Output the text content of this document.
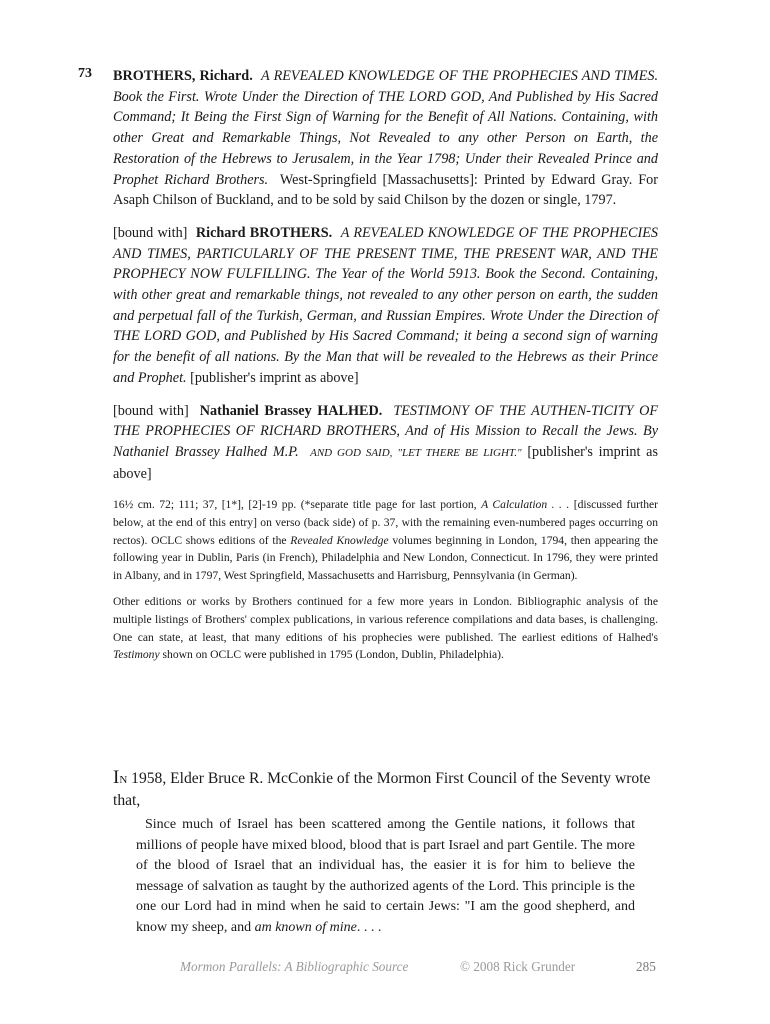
73 BROTHERS, Richard. A REVEALED KNOWLEDGE OF THE PROPHECIES AND TIMES. Book the First. Wrote Under the Direction of THE LORD GOD, And Published by His Sacred Command; It Being the First Sign of Warning for the Benefit of All Nations. Containing, with other Great and Remarkable Things, Not Revealed to any other Person on Earth, the Restoration of the Hebrews to Jerusalem, in the Year 1798; Under their Revealed Prince and Prophet Richard Brothers. West-Springfield [Massachusetts]: Printed by Edward Gray. For Asaph Chilson of Buckland, and to be sold by said Chilson by the dozen or single, 1797.

[bound with] Richard BROTHERS. A REVEALED KNOWLEDGE OF THE PROPHECIES AND TIMES, PARTICULARLY OF THE PRESENT TIME, THE PRESENT WAR, AND THE PROPHECY NOW FULFILLING. The Year of the World 5913. Book the Second. Containing, with other great and remarkable things, not revealed to any other person on earth, the sudden and perpetual fall of the Turkish, German, and Russian Empires. Wrote Under the Direction of THE LORD GOD, and Published by His Sacred Command; it being a second sign of warning for the benefit of all nations. By the Man that will be revealed to the Hebrews as their Prince and Prophet. [publisher's imprint as above]

[bound with] Nathaniel Brassey HALHED. TESTIMONY OF THE AUTHEN-TICITY OF THE PROPHECIES OF RICHARD BROTHERS, And of His Mission to Recall the Jews. By Nathaniel Brassey Halhed M.P. AND GOD SAID, "LET THERE BE LIGHT." [publisher's imprint as above]

16½ cm. 72; 111; 37, [1*], [2]-19 pp. (*separate title page for last portion, A Calculation . . . [discussed further below, at the end of this entry] on verso (back side) of p. 37, with the remaining even-numbered pages occurring on rectos). OCLC shows editions of the Revealed Knowledge volumes beginning in London, 1794, then appearing the following year in Dublin, Paris (in French), Philadelphia and New London, Connecticut. In 1796, they were printed in Albany, and in 1797, West Springfield, Massachusetts and Harrisburg, Pennsylvania (in German).

Other editions or works by Brothers continued for a few more years in London. Bibliographic analysis of the multiple listings of Brothers' complex publications, in various reference compilations and data bases, is challenging. One can state, at least, that many editions of his prophecies were published. The earliest editions of Halhed's Testimony shown on OCLC were published in 1795 (London, Dublin, Philadelphia).

In 1958, Elder Bruce R. McConkie of the Mormon First Council of the Seventy wrote that,
Since much of Israel has been scattered among the Gentile nations, it follows that millions of people have mixed blood, blood that is part Israel and part Gentile. The more of the blood of Israel that an individual has, the easier it is for him to believe the message of salvation as taught by the authorized agents of the Lord. This principle is the one our Lord had in mind when he said to certain Jews: "I am the good shepherd, and know my sheep, and am known of mine. . . .
Mormon Parallels: A Bibliographic Source	© 2008 Rick Grunder	285
